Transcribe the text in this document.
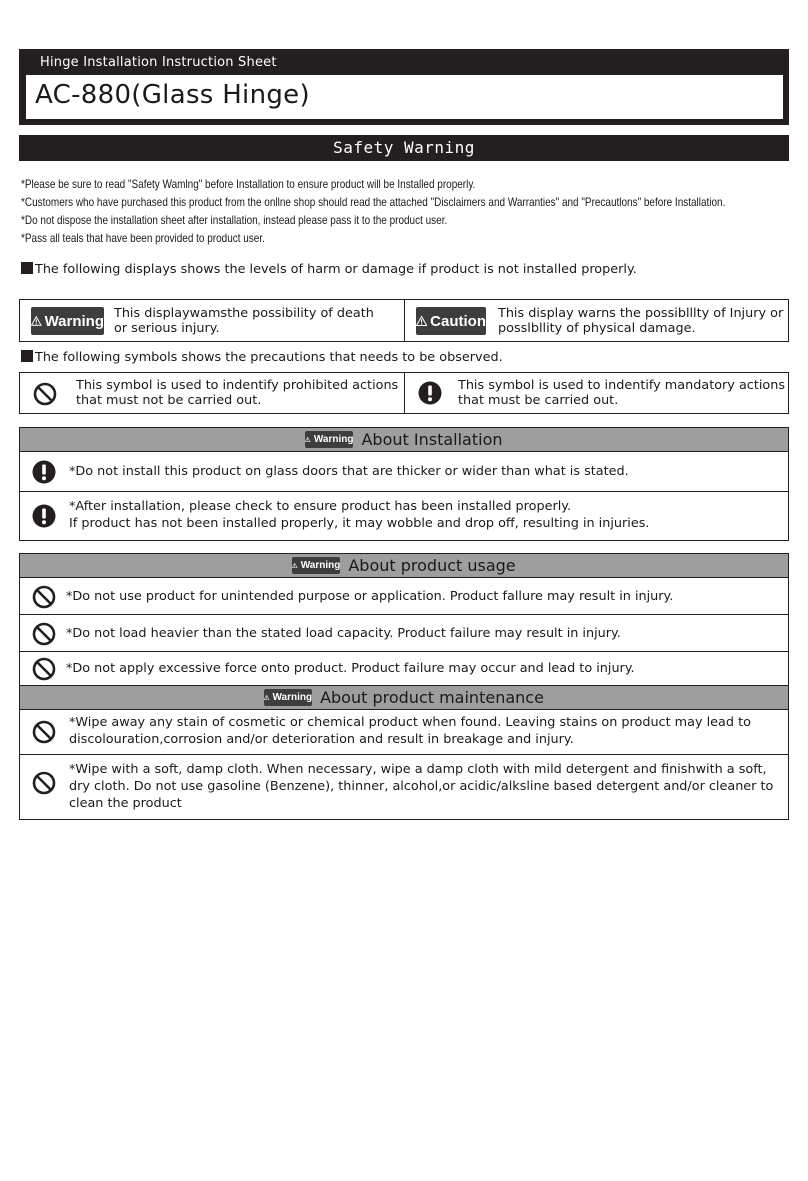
Hinge Installation Instruction Sheet
AC-880(Glass Hinge)
Safety Warning
*Please be sure to read "Safety Wamlng" before Installation to ensure product will be Installed properly.
*Customers who have purchased this product from the onllne shop should read the attached "Disclaimers and Warranties" and "Precautlons" before Installation.
*Do not dispose the installation sheet after installation, instead please pass it to the product user.
*Pass all teals that have been provided to product user.
The following displays shows the levels of harm or damage if product is not installed properly.
Warning This displaywamsthe possibility of death
or serious injury.	Caution This display warns the possiblllty of Injury or
posslbllity of physical damage.
The following symbols shows the precautions that needs to be observed.
This symbol is used to indentify prohibited actions
that must not be carried out.
This symbol is used to indentify mandatory actions
that must be carried out.
Warning About Installation
*Do not install this product on glass doors that are thicker or wider than what is stated.
*After installation, please check to ensure product has been installed properly.
If product has not been installed properly, it may wobble and drop off, resulting in injuries.
Warning About product usage
*Do not use product for unintended purpose or application. Product fallure may result in injury.
*Do not load heavier than the stated load capacity. Product failure may result in injury.
*Do not apply excessive force onto product. Product failure may occur and lead to injury.
Warning About product maintenance
*Wipe away any stain of cosmetic or chemical product when found. Leaving stains on product may lead to
discolouration,corrosion and/or deterioration and result in breakage and injury.
*Wipe with a soft, damp cloth. When necessary, wipe a damp cloth with mild detergent and finishwith a soft,
dry cloth. Do not use gasoline (Benzene), thinner, alcohol,or acidic/alksline based detergent and/or cleaner to
clean the product
